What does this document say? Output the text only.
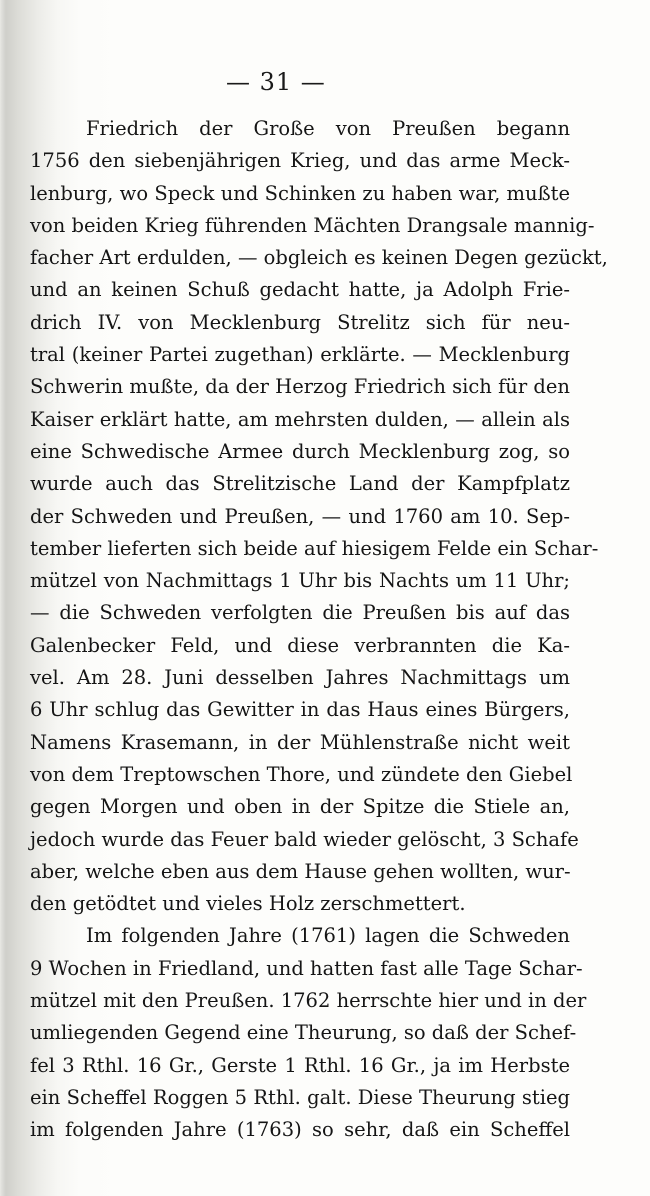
— 31 —
Friedrich der Große von Preußen begann
1756 den siebenjährigen Krieg, und das arme Meck-
lenburg, wo Speck und Schinken zu haben war, mußte
von beiden Krieg führenden Mächten Drangsale mannig-
facher Art erdulden, — obgleich es keinen Degen gezückt,
und an keinen Schuß gedacht hatte, ja Adolph Frie-
drich IV. von Mecklenburg Strelitz sich für neu-
tral (keiner Partei zugethan) erklärte. — Mecklenburg
Schwerin mußte, da der Herzog Friedrich sich für den
Kaiser erklärt hatte, am mehrsten dulden, — allein als
eine Schwedische Armee durch Mecklenburg zog, so
wurde auch das Strelitzische Land der Kampfplatz
der Schweden und Preußen, — und 1760 am 10. Sep-
tember lieferten sich beide auf hiesigem Felde ein Schar-
mützel von Nachmittags 1 Uhr bis Nachts um 11 Uhr;
— die Schweden verfolgten die Preußen bis auf das
Galenbecker Feld, und diese verbrannten die Ka-
vel. Am 28. Juni desselben Jahres Nachmittags um
6 Uhr schlug das Gewitter in das Haus eines Bürgers,
Namens Krasemann, in der Mühlenstraße nicht weit
von dem Treptowschen Thore, und zündete den Giebel
gegen Morgen und oben in der Spitze die Stiele an,
jedoch wurde das Feuer bald wieder gelöscht, 3 Schafe
aber, welche eben aus dem Hause gehen wollten, wur-
den getödtet und vieles Holz zerschmettert.
Im folgenden Jahre (1761) lagen die Schweden
9 Wochen in Friedland, und hatten fast alle Tage Schar-
mützel mit den Preußen. 1762 herrschte hier und in der
umliegenden Gegend eine Theurung, so daß der Schef-
fel 3 Rthl. 16 Gr., Gerste 1 Rthl. 16 Gr., ja im Herbste
ein Scheffel Roggen 5 Rthl. galt. Diese Theurung stieg
im folgenden Jahre (1763) so sehr, daß ein Scheffel
